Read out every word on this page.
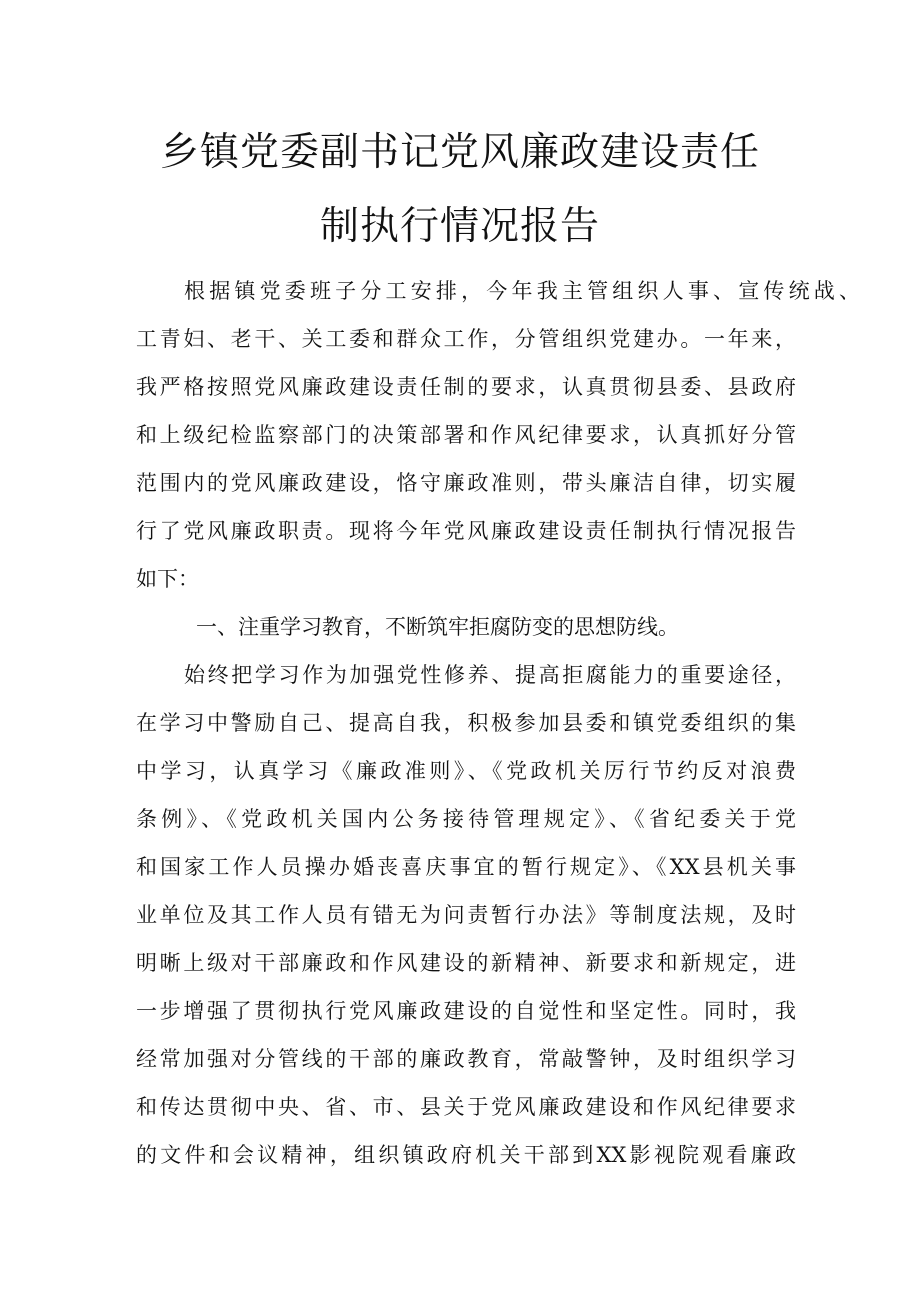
乡镇党委副书记党风廉政建设责任
制执行情况报告
根据镇党委班子分工安排，今年我主管组织人事、宣传统战、
工青妇、老干、关工委和群众工作，分管组织党建办。一年来，
我严格按照党风廉政建设责任制的要求，认真贯彻县委、县政府
和上级纪检监察部门的决策部署和作风纪律要求，认真抓好分管
范围内的党风廉政建设，恪守廉政准则，带头廉洁自律，切实履
行了党风廉政职责。现将今年党风廉政建设责任制执行情况报告
如下：
一、注重学习教育，不断筑牢拒腐防变的思想防线。
始终把学习作为加强党性修养、提高拒腐能力的重要途径，
在学习中警励自己、提高自我，积极参加县委和镇党委组织的集
中学习，认真学习《廉政准则》、《党政机关厉行节约反对浪费
条例》、《党政机关国内公务接待管理规定》、《省纪委关于党
和国家工作人员操办婚丧喜庆事宜的暂行规定》、《XX县机关事
业单位及其工作人员有错无为问责暂行办法》等制度法规，及时
明晰上级对干部廉政和作风建设的新精神、新要求和新规定，进
一步增强了贯彻执行党风廉政建设的自觉性和坚定性。同时，我
经常加强对分管线的干部的廉政教育，常敲警钟，及时组织学习
和传达贯彻中央、省、市、县关于党风廉政建设和作风纪律要求
的文件和会议精神，组织镇政府机关干部到XX影视院观看廉政
